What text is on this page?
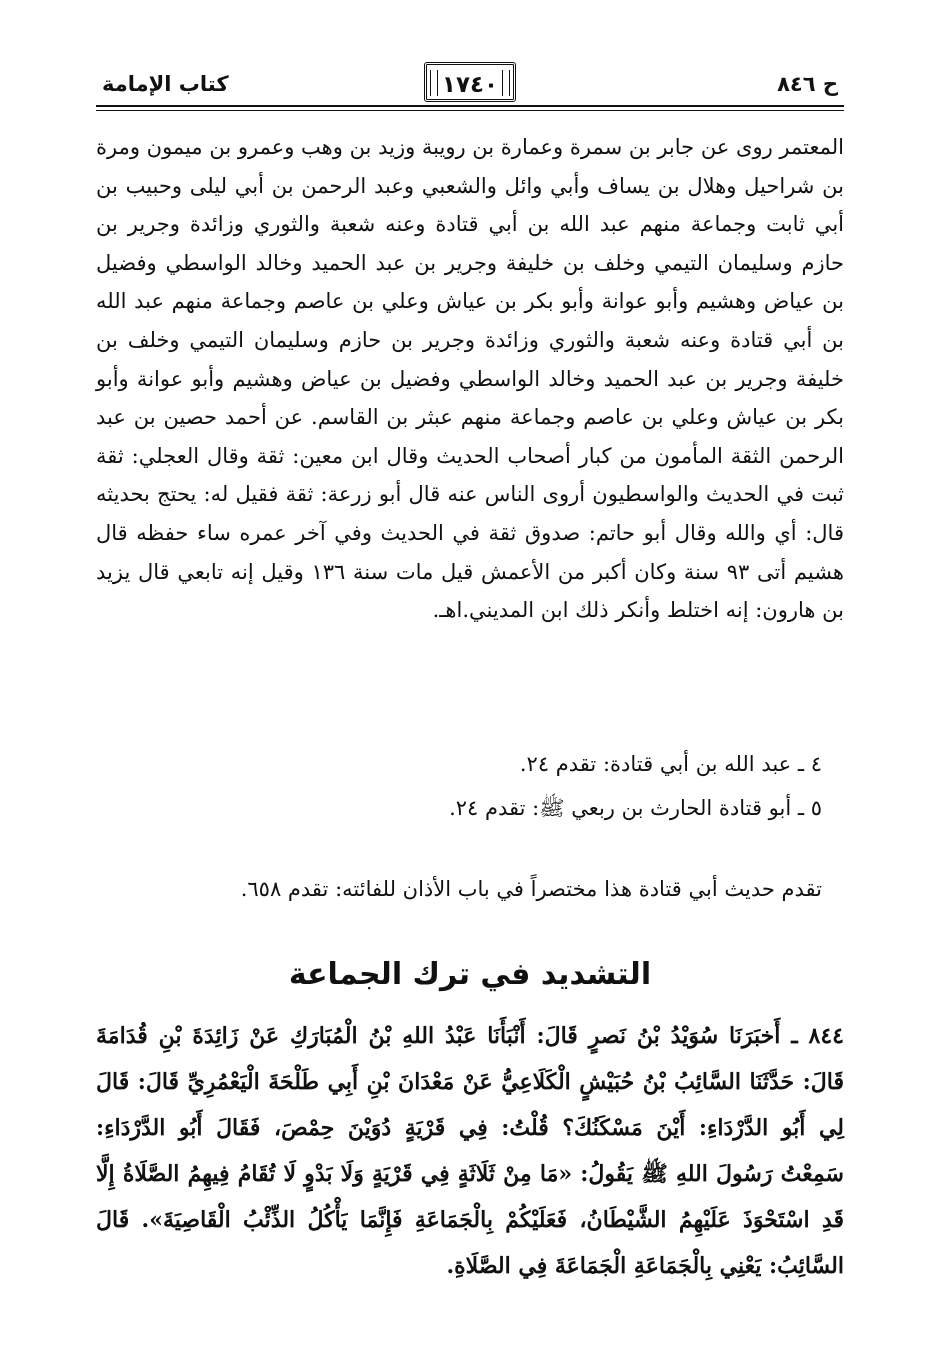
ح ٨٤٦
١٧٤٠
كتاب الإمامة

المعتمر روى عن جابر بن سمرة وعمارة بن رويبة وزيد بن وهب وعمرو بن ميمون ومرة بن شراحيل وهلال بن يساف وأبي وائل والشعبي وعبد الرحمن بن أبي ليلى وحبيب بن أبي ثابت وجماعة منهم عبد الله بن أبي قتادة وعنه شعبة والثوري وزائدة وجرير بن حازم وسليمان التيمي وخلف بن خليفة وجرير بن عبد الحميد وخالد الواسطي وفضيل بن عياض وهشيم وأبو عوانة وأبو بكر بن عياش وعلي بن عاصم وجماعة منهم عبد الله بن أبي قتادة وعنه شعبة والثوري وزائدة وجرير بن حازم وسليمان التيمي وخلف بن خليفة وجرير بن عبد الحميد وخالد الواسطي وفضيل بن عياض وهشيم وأبو عوانة وأبو بكر بن عياش وعلي بن عاصم وجماعة منهم عبثر بن القاسم. عن أحمد حصين بن عبد الرحمن الثقة المأمون من كبار أصحاب الحديث وقال ابن معين: ثقة وقال العجلي: ثقة ثبت في الحديث والواسطيون أروى الناس عنه قال أبو زرعة: ثقة فقيل له: يحتج بحديثه قال: أي والله وقال أبو حاتم: صدوق ثقة في الحديث وفي آخر عمره ساء حفظه قال هشيم أتى ٩٣ سنة وكان أكبر من الأعمش قيل مات سنة ١٣٦ وقيل إنه تابعي قال يزيد بن هارون: إنه اختلط وأنكر ذلك ابن المديني.اهـ.

٤ ـ عبد الله بن أبي قتادة: تقدم ٢٤.
٥ ـ أبو قتادة الحارث بن ربعي ﷺ: تقدم ٢٤.
تقدم حديث أبي قتادة هذا مختصراً في باب الأذان للفائته: تقدم ٦٥٨.
التشديد في ترك الجماعة

٨٤٤ ـ أَخبَرَنَا سُوَيْدُ بْنُ نَصرٍ قَالَ: أَنْبَأَنَا عَبْدُ اللهِ بْنُ الْمُبَارَكِ عَنْ زَائِدَةَ بْنِ قُدَامَةَ قَالَ: حَدَّثَنَا السَّائِبُ بْنُ حُبَيْشٍ الْكَلَاعِيُّ عَنْ مَعْدَانَ بْنِ أَبِي طَلْحَةَ الْيَعْمُرِيِّ قَالَ: قَالَ لِي أَبُو الدَّرْدَاءِ: أَيْنَ مَسْكَنُكَ؟ قُلْتُ: فِي قَرْيَةٍ دُوَيْنَ حِمْصَ، فَقَالَ أَبُو الدَّرْدَاءِ: سَمِعْتُ رَسُولَ اللهِ ﷺ يَقُولُ: «مَا مِنْ ثَلَاثَةٍ فِي قَرْيَةٍ وَلَا بَدْوٍ لَا تُقَامُ فِيهِمُ الصَّلَاةُ إِلَّا قَدِ اسْتَحْوَذَ عَلَيْهِمُ الشَّيْطَانُ، فَعَلَيْكُمْ بِالْجَمَاعَةِ فَإِنَّمَا يَأْكُلُ الذِّئْبُ الْقَاصِيَةَ». قَالَ السَّائِبُ: يَعْنِي بِالْجَمَاعَةِ الْجَمَاعَةَ فِي الصَّلَاةِ.
